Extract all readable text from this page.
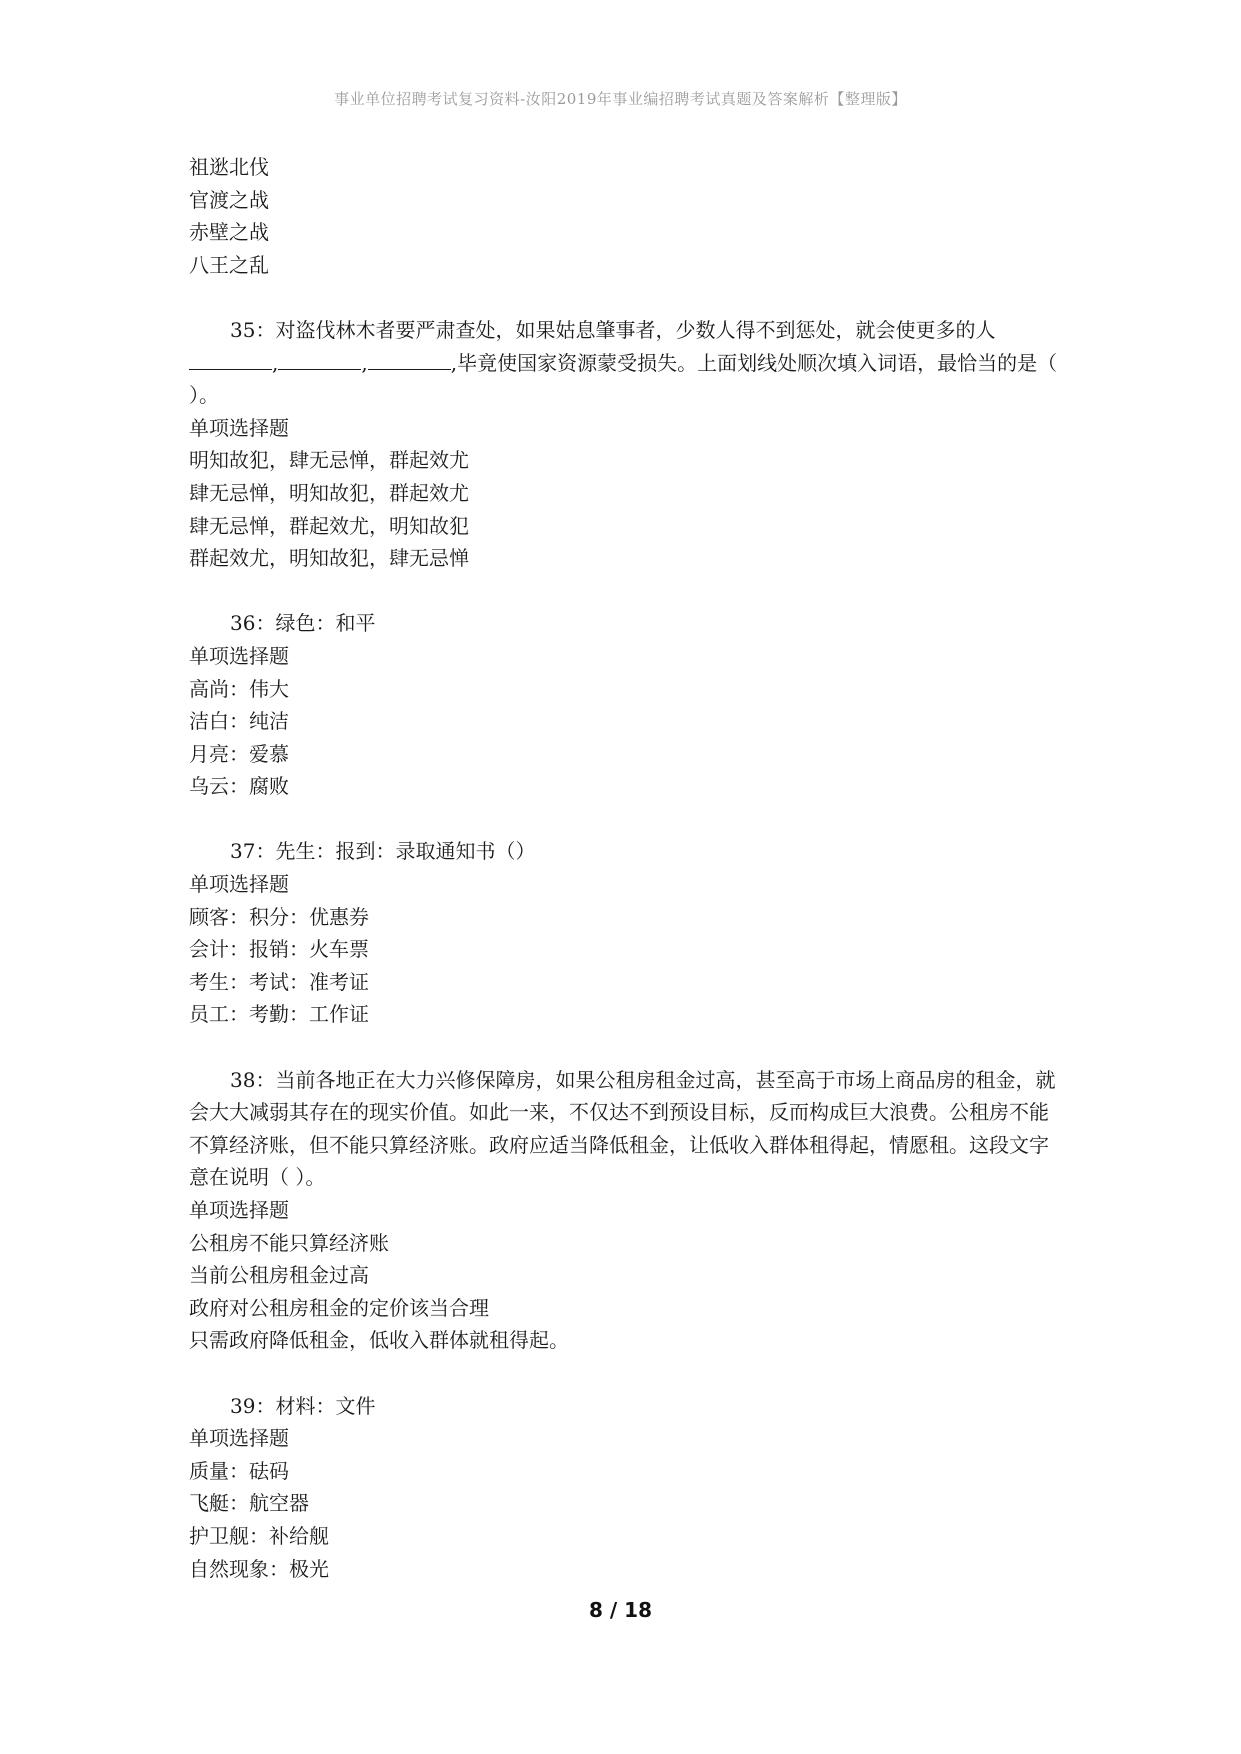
事业单位招聘考试复习资料-汝阳2019年事业编招聘考试真题及答案解析【整理版】
祖逖北伐
官渡之战
赤壁之战
八王之乱
35：对盗伐林木者要严肃查处，如果姑息肇事者，少数人得不到惩处，就会使更多的人,	,	,毕竟使国家资源蒙受损失。上面划线处顺次填入词语，最恰当的是（ ）。
单项选择题
明知故犯，肆无忌惮，群起效尤
肆无忌惮，明知故犯，群起效尤
肆无忌惮，群起效尤，明知故犯
群起效尤，明知故犯，肆无忌惮
36：绿色：和平
单项选择题
高尚：伟大
洁白：纯洁
月亮：爱慕
乌云：腐败
37：先生：报到：录取通知书（）
单项选择题
顾客：积分：优惠券
会计：报销：火车票
考生：考试：准考证
员工：考勤：工作证
38：当前各地正在大力兴修保障房，如果公租房租金过高，甚至高于市场上商品房的租金，就会大大减弱其存在的现实价值。如此一来，不仅达不到预设目标，反而构成巨大浪费。公租房不能不算经济账，但不能只算经济账。政府应适当降低租金，让低收入群体租得起，情愿租。这段文字意在说明（ ）。
单项选择题
公租房不能只算经济账
当前公租房租金过高
政府对公租房租金的定价该当合理
只需政府降低租金，低收入群体就租得起。
39：材料：文件
单项选择题
质量：砝码
飞艇：航空器
护卫舰：补给舰
自然现象：极光
8 / 18
